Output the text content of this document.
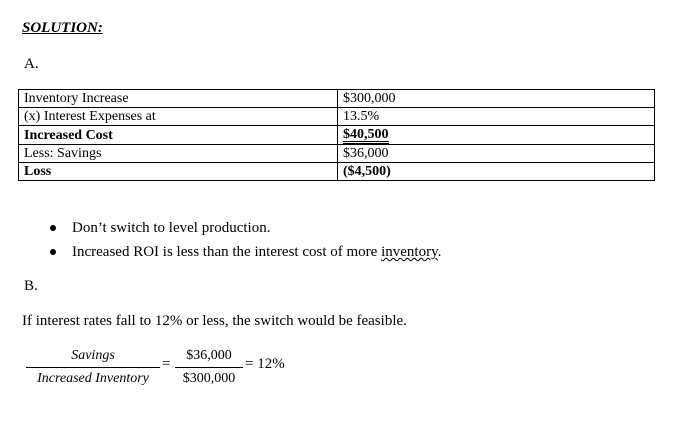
SOLUTION:
A.
Inventory Increase	$300,000
(x) Interest Expenses at	13.5%
Increased Cost	$40,500
Less: Savings	$36,000
Loss	($4,500)
Don’t switch to level production.
Increased ROI is less than the interest cost of more inventory.
B.
If interest rates fall to 12% or less, the switch would be feasible.
Savings
Increased Inventory
=
$36,000
$300,000
= 12%
